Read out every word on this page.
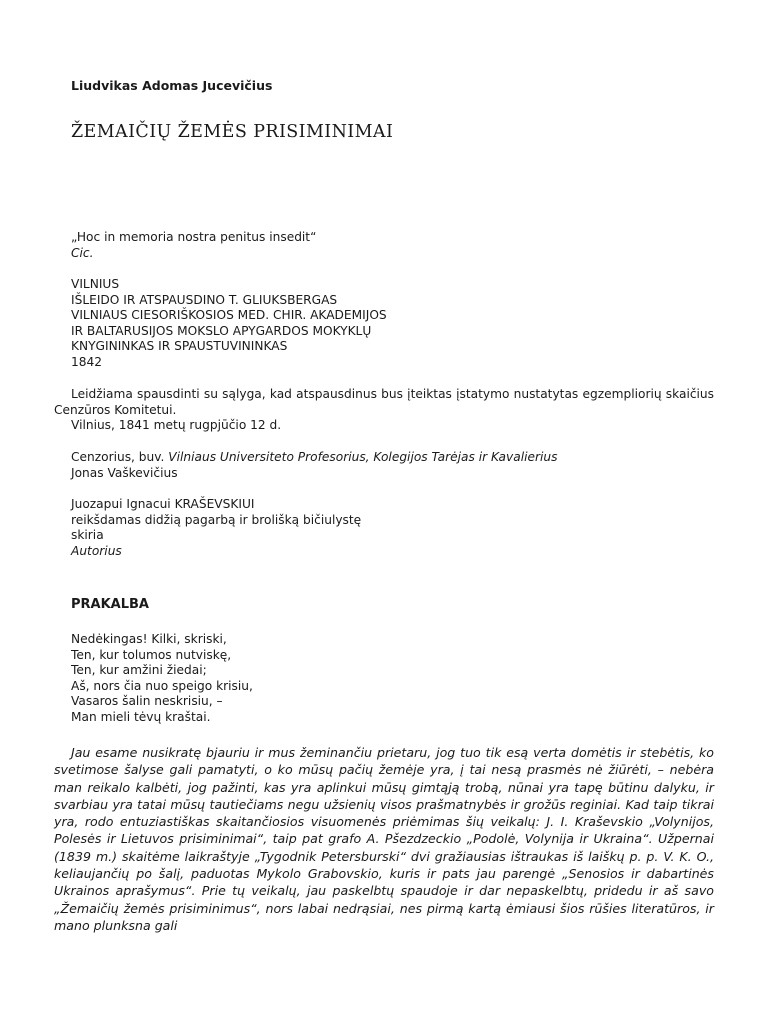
Liudvikas Adomas Jucevičius
ŽEMAIČIŲ ŽEMĖS PRISIMINIMAI
„Hoc in memoria nostra penitus insedit“
Cic.
VILNIUS
IŠLEIDO IR ATSPAUSDINO T. GLIUKSBERGAS
VILNIAUS CIESORIŠKOSIOS MED. CHIR. AKADEMIJOS
IR BALTARUSIJOS MOKSLO APYGARDOS MOKYKLŲ
KNYGININKAS IR SPAUSTUVININKAS
1842
Leidžiama spausdinti su sąlyga, kad atspausdinus bus įteiktas įstatymo nustatytas egzempliorių skaičius Cenzūros Komitetui.
Vilnius, 1841 metų rugpjūčio 12 d.
Cenzorius, buv. Vilniaus Universiteto Profesorius, Kolegijos Tarėjas ir Kavalierius
Jonas Vaškevičius
Juozapui Ignacui KRAŠEVSKIUI
reikšdamas didžią pagarbą ir brolišką bičiulystę
skiria
Autorius
PRAKALBA
Nedėkingas! Kilki, skriski,
Ten, kur tolumos nutviskę,
Ten, kur amžini žiedai;
Aš, nors čia nuo speigo krisiu,
Vasaros šalin neskrisiu, –
Man mieli tėvų kraštai.
Jau esame nusikratę bjauriu ir mus žeminančiu prietaru, jog tuo tik esą verta domėtis ir stebėtis, ko svetimose šalyse gali pamatyti, o ko mūsų pačių žemėje yra, į tai nesą prasmės nė žiūrėti, – nebėra man reikalo kalbėti, jog pažinti, kas yra aplinkui mūsų gimtąją trobą, nūnai yra tapę būtinu dalyku, ir svarbiau yra tatai mūsų tautiečiams negu užsienių visos prašmatnybės ir grožūs reginiai. Kad taip tikrai yra, rodo entuziastiškas skaitančiosios visuomenės priėmimas šių veikalų: J. I. Kraševskio „Volynijos, Polesės ir Lietuvos prisiminimai“, taip pat grafo A. Pšezdzeckio „Podolė, Volynija ir Ukraina“. Užpernai (1839 m.) skaitėme laikraštyje „Tygodnik Petersburski“ dvi gražiausias ištraukas iš laiškų p. p. V. K. O., keliaujančių po šalį, paduotas Mykolo Grabovskio, kuris ir pats jau parengė „Senosios ir dabartinės Ukrainos aprašymus“. Prie tų veikalų, jau paskelbtų spaudoje ir dar nepaskelbtų, pridedu ir aš savo „Žemaičių žemės prisiminimus“, nors labai nedrąsiai, nes pirmą kartą ėmiausi šios rūšies literatūros, ir mano plunksna gali
